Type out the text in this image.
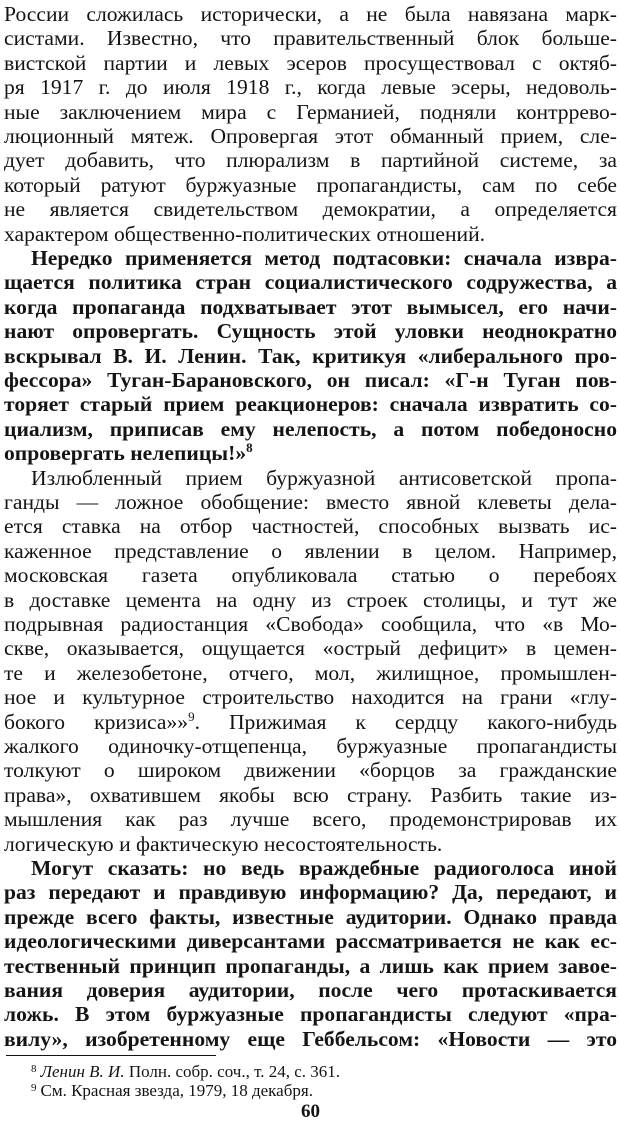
России сложилась исторически, а не была навязана марк-
систами. Известно, что правительственный блок больше-
вистской партии и левых эсеров просуществовал с октяб-
ря 1917 г. до июля 1918 г., когда левые эсеры, недоволь-
ные заключением мира с Германией, подняли контррево-
люционный мятеж. Опровергая этот обманный прием, сле-
дует добавить, что плюрализм в партийной системе, за
который ратуют буржуазные пропагандисты, сам по себе
не является свидетельством демократии, а определяется
характером общественно-политических отношений.
Нередко применяется метод подтасовки: сначала извра-
щается политика стран социалистического содружества, а
когда пропаганда подхватывает этот вымысел, его начи-
нают опровергать. Сущность этой уловки неоднократно
вскрывал В. И. Ленин. Так, критикуя «либерального про-
фессора» Туган-Барановского, он писал: «Г-н Туган пов-
торяет старый прием реакционеров: сначала извратить со-
циализм, приписав ему нелепость, а потом победоносно
опровергать нелепицы!»$^8$
Излюбленный прием буржуазной антисоветской пропа-
ганды — ложное обобщение: вместо явной клеветы дела-
ется ставка на отбор частностей, способных вызвать ис-
каженное представление о явлении в целом. Например,
московская газета опубликовала статью о перебоях
в доставке цемента на одну из строек столицы, и тут же
подрывная радиостанция «Свобода» сообщила, что «в Мо-
скве, оказывается, ощущается «острый дефицит» в цемен-
те и железобетоне, отчего, мол, жилищное, промышлен-
ное и культурное строительство находится на грани «глу-
бокого кризиса»»$^9$. Прижимая к сердцу какого-нибудь
жалкого одиночку-отщепенца, буржуазные пропагандисты
толкуют о широком движении «борцов за гражданские
права», охватившем якобы всю страну. Разбить такие из-
мышления как раз лучше всего, продемонстрировав их
логическую и фактическую несостоятельность.
Могут сказать: но ведь враждебные радиоголоса иной
раз передают и правдивую информацию? Да, передают, и
прежде всего факты, известные аудитории. Однако правда
идеологическими диверсантами рассматривается не как ес-
тественный принцип пропаганды, а лишь как прием завое-
вания доверия аудитории, после чего протаскивается
ложь. В этом буржуазные пропагандисты следуют «пра-
вилу», изобретенному еще Геббельсом: «Новости — это
$^8$ Ленин В. И. Полн. собр. соч., т. 24, с. 361.
$^9$ См. Красная звезда, 1979, 18 декабря.
60
